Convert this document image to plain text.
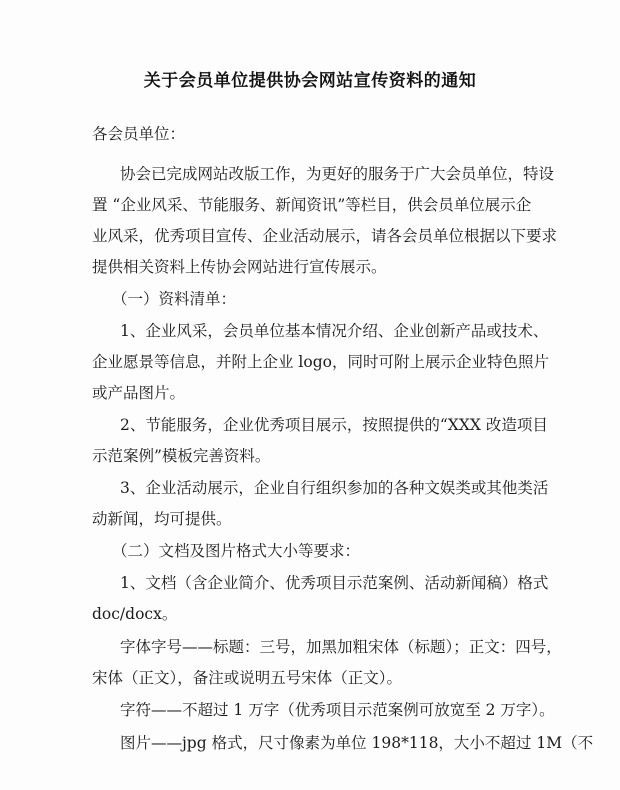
关于会员单位提供协会网站宣传资料的通知
各会员单位：
协会已完成网站改版工作，为更好的服务于广大会员单位，特设
置 “企业风采、节能服务、新闻资讯”等栏目，供会员单位展示企
业风采，优秀项目宣传、企业活动展示，请各会员单位根据以下要求
提供相关资料上传协会网站进行宣传展示。
（一）资料清单：
1、企业风采，会员单位基本情况介绍、企业创新产品或技术、
企业愿景等信息，并附上企业 logo，同时可附上展示企业特色照片
或产品图片。
2、节能服务，企业优秀项目展示，按照提供的“XXX 改造项目
示范案例”模板完善资料。
3、企业活动展示，企业自行组织参加的各种文娱类或其他类活
动新闻，均可提供。
（二）文档及图片格式大小等要求：
1、文档（含企业简介、优秀项目示范案例、活动新闻稿）格式
doc/docx。
字体字号——标题：三号，加黑加粗宋体（标题）；正文：四号，
宋体（正文），备注或说明五号宋体（正文）。
字符——不超过 1 万字（优秀项目示范案例可放宽至 2 万字）。
图片——jpg 格式，尺寸像素为单位 198*118，大小不超过 1M（不
